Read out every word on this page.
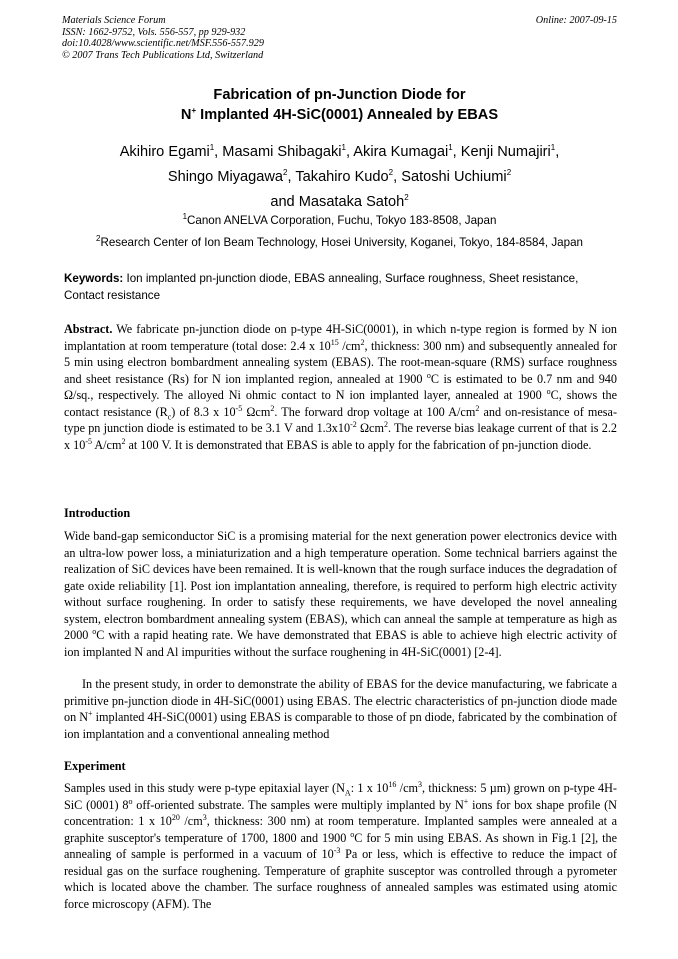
Materials Science Forum
ISSN: 1662-9752, Vols. 556-557, pp 929-932
doi:10.4028/www.scientific.net/MSF.556-557.929
© 2007 Trans Tech Publications Ltd, Switzerland
Online: 2007-09-15
Fabrication of pn-Junction Diode for
N+ Implanted 4H-SiC(0001) Annealed by EBAS
Akihiro Egami$^1$, Masami Shibagaki$^1$, Akira Kumagai$^1$, Kenji Numajiri$^1$,
Shingo Miyagawa$^2$, Takahiro Kudo$^2$, Satoshi Uchiumi$^2$
and Masataka Satoh$^2$
$^1$Canon ANELVA Corporation, Fuchu, Tokyo 183-8508, Japan
$^2$Research Center of Ion Beam Technology, Hosei University, Koganei, Tokyo, 184-8584, Japan
Keywords: Ion implanted pn-junction diode, EBAS annealing, Surface roughness, Sheet resistance, Contact resistance

Abstract. We fabricate pn-junction diode on p-type 4H-SiC(0001), in which n-type region is formed by N ion implantation at room temperature (total dose: 2.4 x $10^{15}$ $/cm^2$, thickness: 300 nm) and subsequently annealed for 5 min using electron bombardment annealing system (EBAS). The root-mean-square (RMS) surface roughness and sheet resistance (Rs) for N ion implanted region, annealed at 1900 $^o$C is estimated to be 0.7 nm and 940 Ω/sq., respectively. The alloyed Ni ohmic contact to N ion implanted layer, annealed at 1900 $^o$C, shows the contact resistance $(R_c)$ of 8.3 x $10^{-5}$ Ωcm$^2$. The forward drop voltage at 100 $A/cm^2$ and on-resistance of mesa-type pn junction diode is estimated to be 3.1 V and $1.3x10^{-2}$ Ωcm$^2$. The reverse bias leakage current of that is 2.2 x $10^{-5}$ $A/cm^2$ at 100 V. It is demonstrated that EBAS is able to apply for the fabrication of pn-junction diode.

Introduction

Wide band-gap semiconductor SiC is a promising material for the next generation power electronics device with an ultra-low power loss, a miniaturization and a high temperature operation. Some technical barriers against the realization of SiC devices have been remained. It is well-known that the rough surface induces the degradation of gate oxide reliability [1]. Post ion implantation annealing, therefore, is required to perform high electric activity without surface roughening. In order to satisfy these requirements, we have developed the novel annealing system, electron bombardment annealing system (EBAS), which can anneal the sample at temperature as high as 2000 $^o$C with a rapid heating rate. We have demonstrated that EBAS is able to achieve high electric activity of ion implanted N and Al impurities without the surface roughening in 4H-SiC(0001) [2-4].

In the present study, in order to demonstrate the ability of EBAS for the device manufacturing, we fabricate a primitive pn-junction diode in 4H-SiC(0001) using EBAS. The electric characteristics of pn-junction diode made on N+ implanted 4H-SiC(0001) using EBAS is comparable to those of pn diode, fabricated by the combination of ion implantation and a conventional annealing method

Experiment

Samples used in this study were p-type epitaxial layer ($N_A$: 1 x $10^{16}$ $/cm^3$, thickness: 5 µm) grown on p-type 4H-SiC (0001) 8$^o$ off-oriented substrate. The samples were multiply implanted by N+ ions for box shape profile (N concentration: 1 x $10^{20}$ $/cm^3$, thickness: 300 nm) at room temperature. Implanted samples were annealed at a graphite susceptor's temperature of 1700, 1800 and 1900 $^o$C for 5 min using EBAS. As shown in Fig.1 [2], the annealing of sample is performed in a vacuum of $10^{-3}$ Pa or less, which is effective to reduce the impact of residual gas on the surface roughening. Temperature of graphite susceptor was controlled through a pyrometer which is located above the chamber. The surface roughness of annealed samples was estimated using atomic force microscopy (AFM). The
